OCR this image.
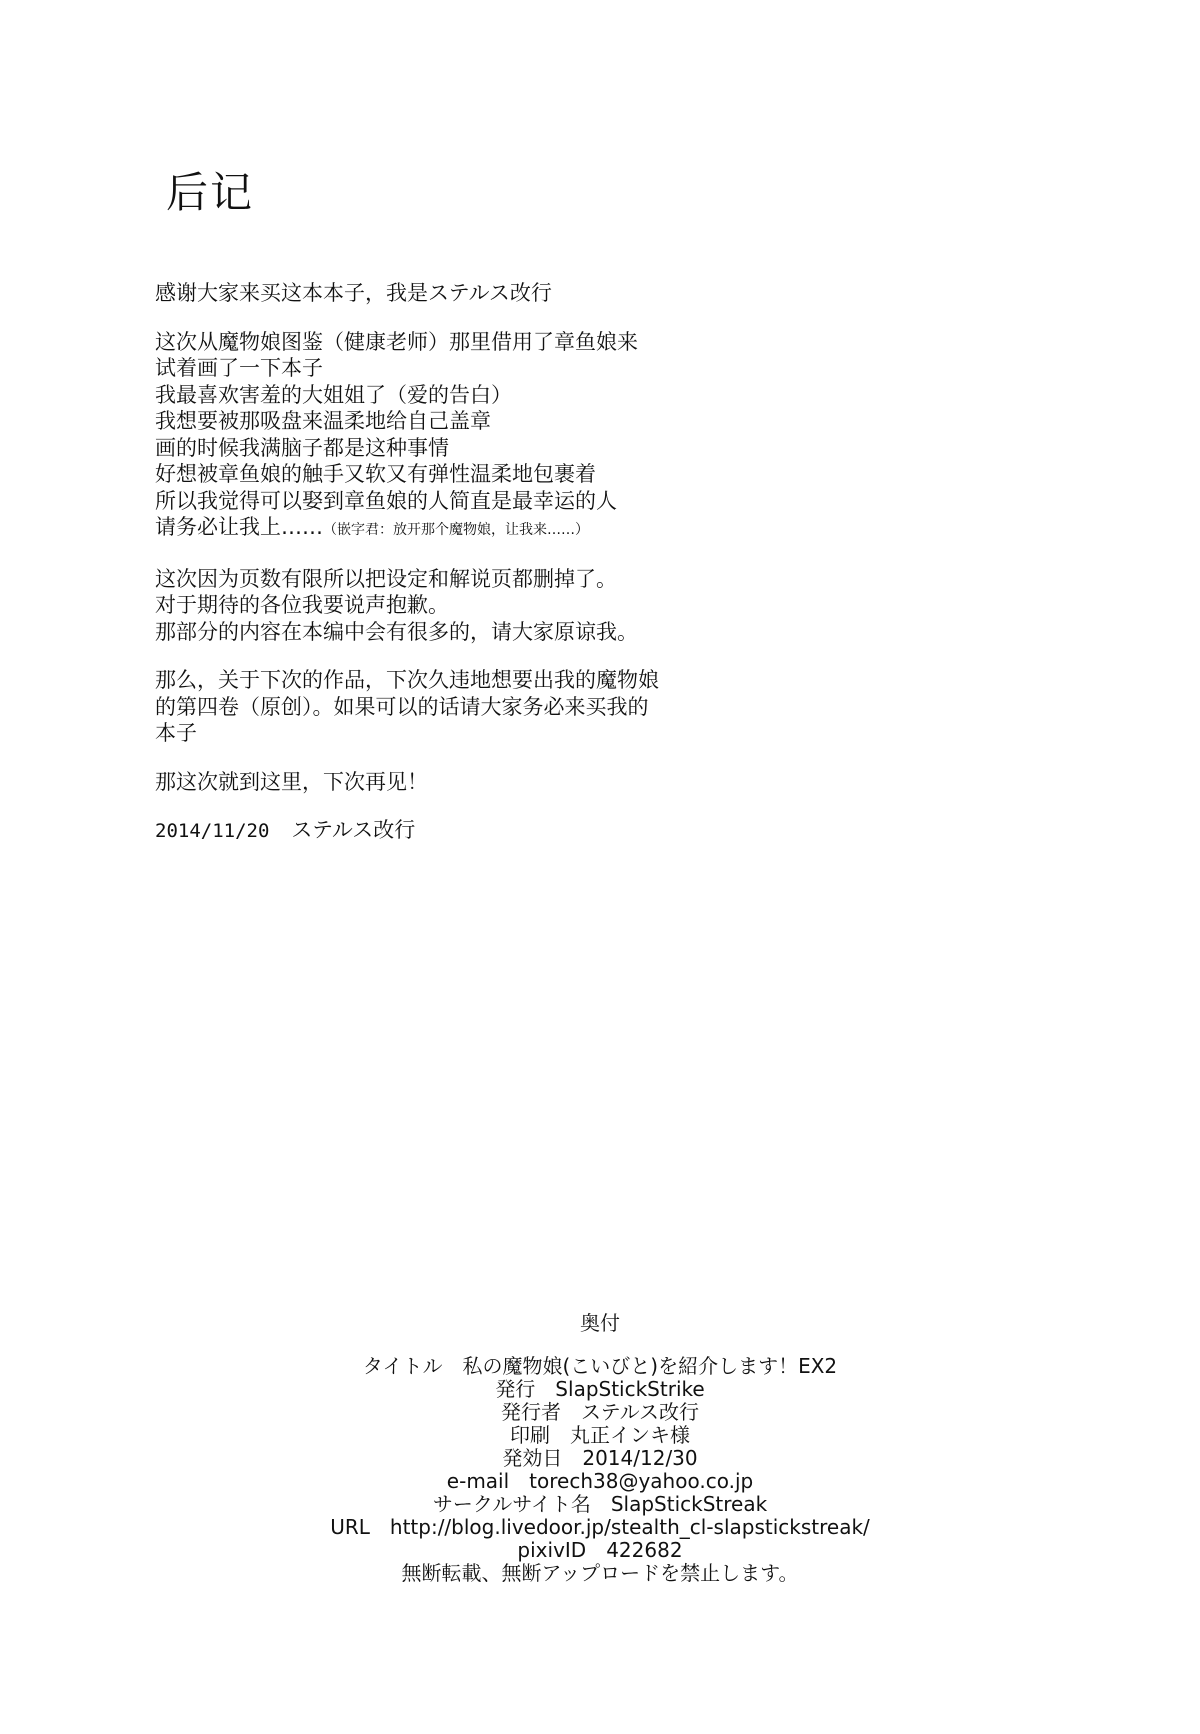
后记

感谢大家来买这本本子，我是ステルス改行

这次从魔物娘图鉴（健康老师）那里借用了章鱼娘来
试着画了一下本子
我最喜欢害羞的大姐姐了（爱的告白）
我想要被那吸盘来温柔地给自己盖章
画的时候我满脑子都是这种事情
好想被章鱼娘的触手又软又有弹性温柔地包裹着
所以我觉得可以娶到章鱼娘的人简直是最幸运的人
请务必让我上……（嵌字君：放开那个魔物娘，让我来……）

这次因为页数有限所以把设定和解说页都删掉了。
对于期待的各位我要说声抱歉。
那部分的内容在本编中会有很多的，请大家原谅我。

那么，关于下次的作品，下次久违地想要出我的魔物娘
的第四卷（原创）。如果可以的话请大家务必来买我的
本子

那这次就到这里，下次再见！

2014/11/20 ステルス改行

奥付
タイトル　私の魔物娘(こいびと)を紹介します！EX2
発行　SlapStickStrike
発行者　ステルス改行
印刷　丸正インキ様
発効日　2014/12/30
e-mail　torech38@yahoo.co.jp
サークルサイト名　SlapStickStreak
URL　http://blog.livedoor.jp/stealth_cl-slapstickstreak/
pixivID　422682
無断転載、無断アップロードを禁止します。
